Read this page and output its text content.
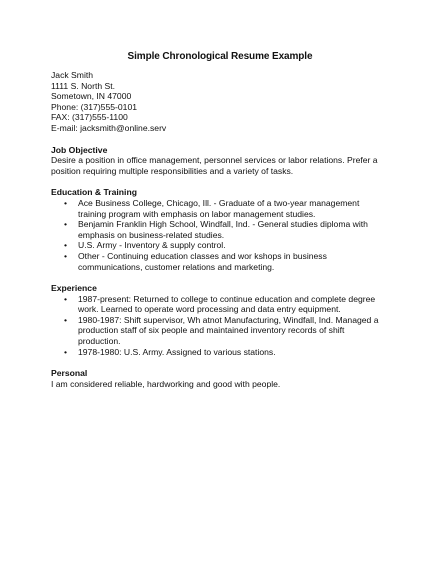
Simple Chronological Resume Example
Jack Smith
1111 S. North St.
Sometown, IN 47000
Phone: (317)555-0101
FAX: (317)555-1100
E-mail: jacksmith@online.serv
Job Objective

Desire a position in office management, personnel services or labor relations. Prefer a position requiring multiple responsibilities and a variety of tasks.

Education & Training
• Ace Business College, Chicago, Ill. - Graduate of a two-year management training program with emphasis on labor management studies.
• Benjamin Franklin High School, Windfall, Ind. - General studies diploma with emphasis on business-related studies.
• U.S. Army - Inventory & supply control.
• Other - Continuing education classes and wor kshops in business communications, customer relations and marketing.
Experience
• 1987-present: Returned to college to continue education and complete degree work. Learned to operate word processing and data entry equipment.
• 1980-1987: Shift supervisor, Wh atnot Manufacturing, Windfall, Ind. Managed a production staff of six people and maintained inventory records of shift production.
• 1978-1980: U.S. Army. Assigned to various stations.
Personal

I am considered reliable, hardworking and good with people.
